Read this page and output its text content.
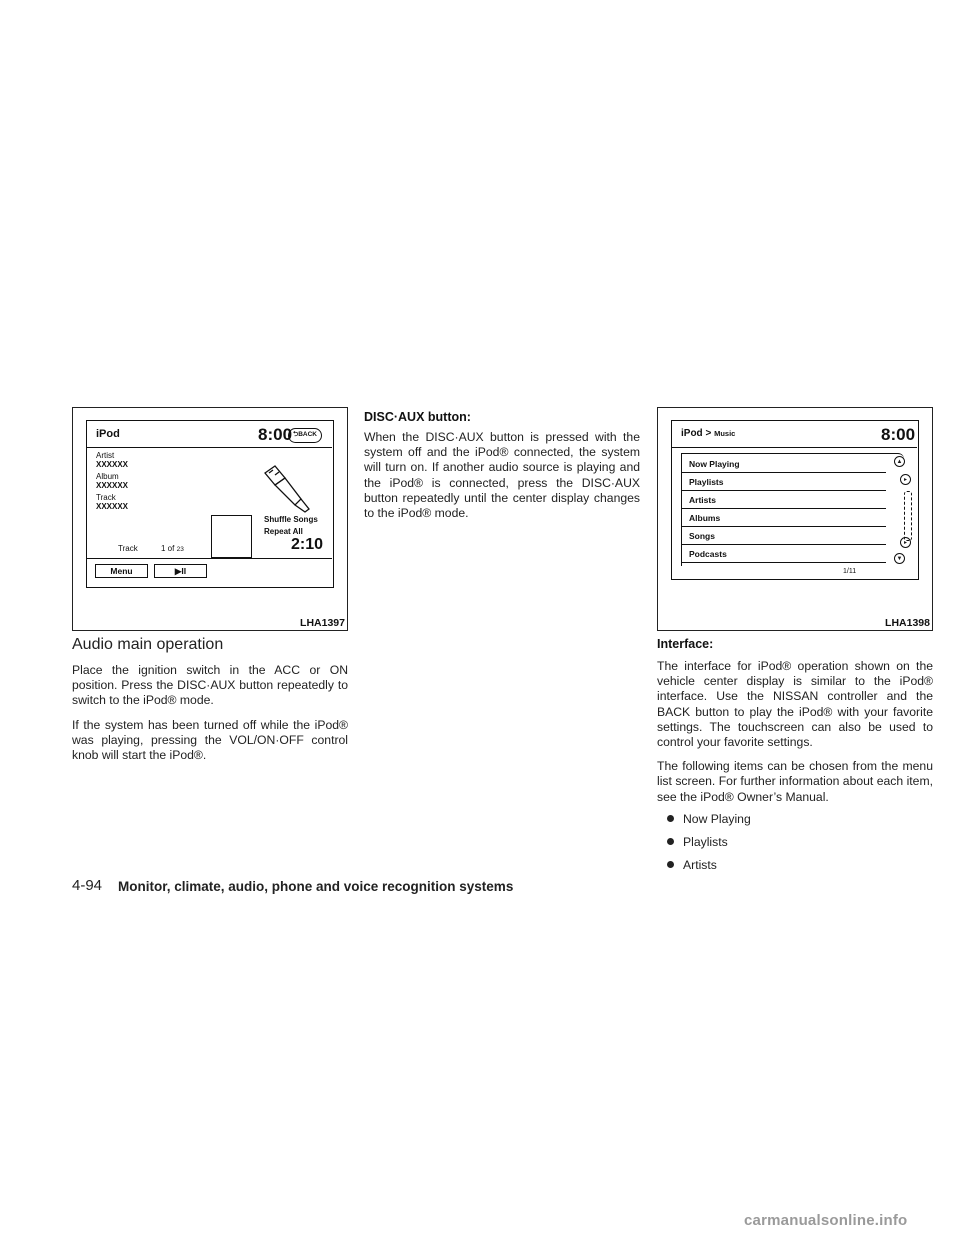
iPod	8:00 ⮌BACK
Artist
XXXXXX
Album
XXXXXX
Track
XXXXXX
Shuffle Songs
Repeat All
2:10
Track	1 of 23
Menu	▶II
LHA1397
iPod > Music	8:00
Now Playing
Playlists
Artists
Albums
Songs
Podcasts
▲
▸
▸
▼
1/11
LHA1398
Audio main operation

Place the ignition switch in the ACC or ON position. Press the DISC·AUX button repeatedly to switch to the iPod® mode.

If the system has been turned off while the iPod® was playing, pressing the VOL/ON·OFF control knob will start the iPod®.

DISC·AUX button:

When the DISC·AUX button is pressed with the system off and the iPod® connected, the system will turn on. If another audio source is playing and the iPod® is connected, press the DISC·AUX button repeatedly until the center display changes to the iPod® mode.

Interface:

The interface for iPod® operation shown on the vehicle center display is similar to the iPod® interface. Use the NISSAN controller and the BACK button to play the iPod® with your favorite settings. The touchscreen can also be used to control your favorite settings.

The following items can be chosen from the menu list screen. For further information about each item, see the iPod® Owner’s Manual.

Now Playing
Playlists
Artists
4-94 Monitor, climate, audio, phone and voice recognition systems
carmanualsonline.info
